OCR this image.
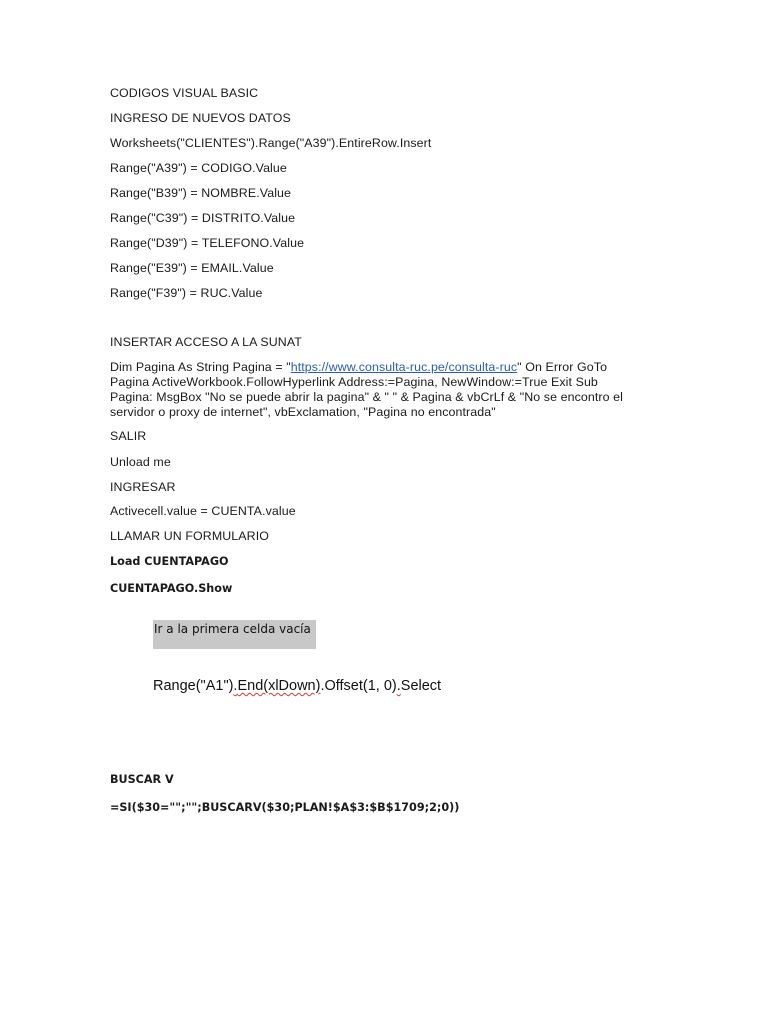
CODIGOS VISUAL BASIC
INGRESO DE NUEVOS DATOS
Worksheets("CLIENTES").Range("A39").EntireRow.Insert
Range("A39") = CODIGO.Value
Range("B39") = NOMBRE.Value
Range("C39") = DISTRITO.Value
Range("D39") = TELEFONO.Value
Range("E39") = EMAIL.Value
Range("F39") = RUC.Value
INSERTAR ACCESO A LA SUNAT
Dim Pagina As String Pagina = "https://www.consulta-ruc.pe/consulta-ruc" On Error GoTo Pagina ActiveWorkbook.FollowHyperlink Address:=Pagina, NewWindow:=True Exit Sub Pagina: MsgBox "No se puede abrir la pagina" & " " & Pagina & vbCrLf & "No se encontro el servidor o proxy de internet", vbExclamation, "Pagina no encontrada"
SALIR
Unload me
INGRESAR
Activecell.value = CUENTA.value
LLAMAR UN FORMULARIO
Load CUENTAPAGO
CUENTAPAGO.Show
Ir a la primera celda vacía
Range("A1").End(xlDown).Offset(1, 0).Select
BUSCAR V
=SI($30="";"";BUSCARV($30;PLAN!$A$3:$B$1709;2;0))
